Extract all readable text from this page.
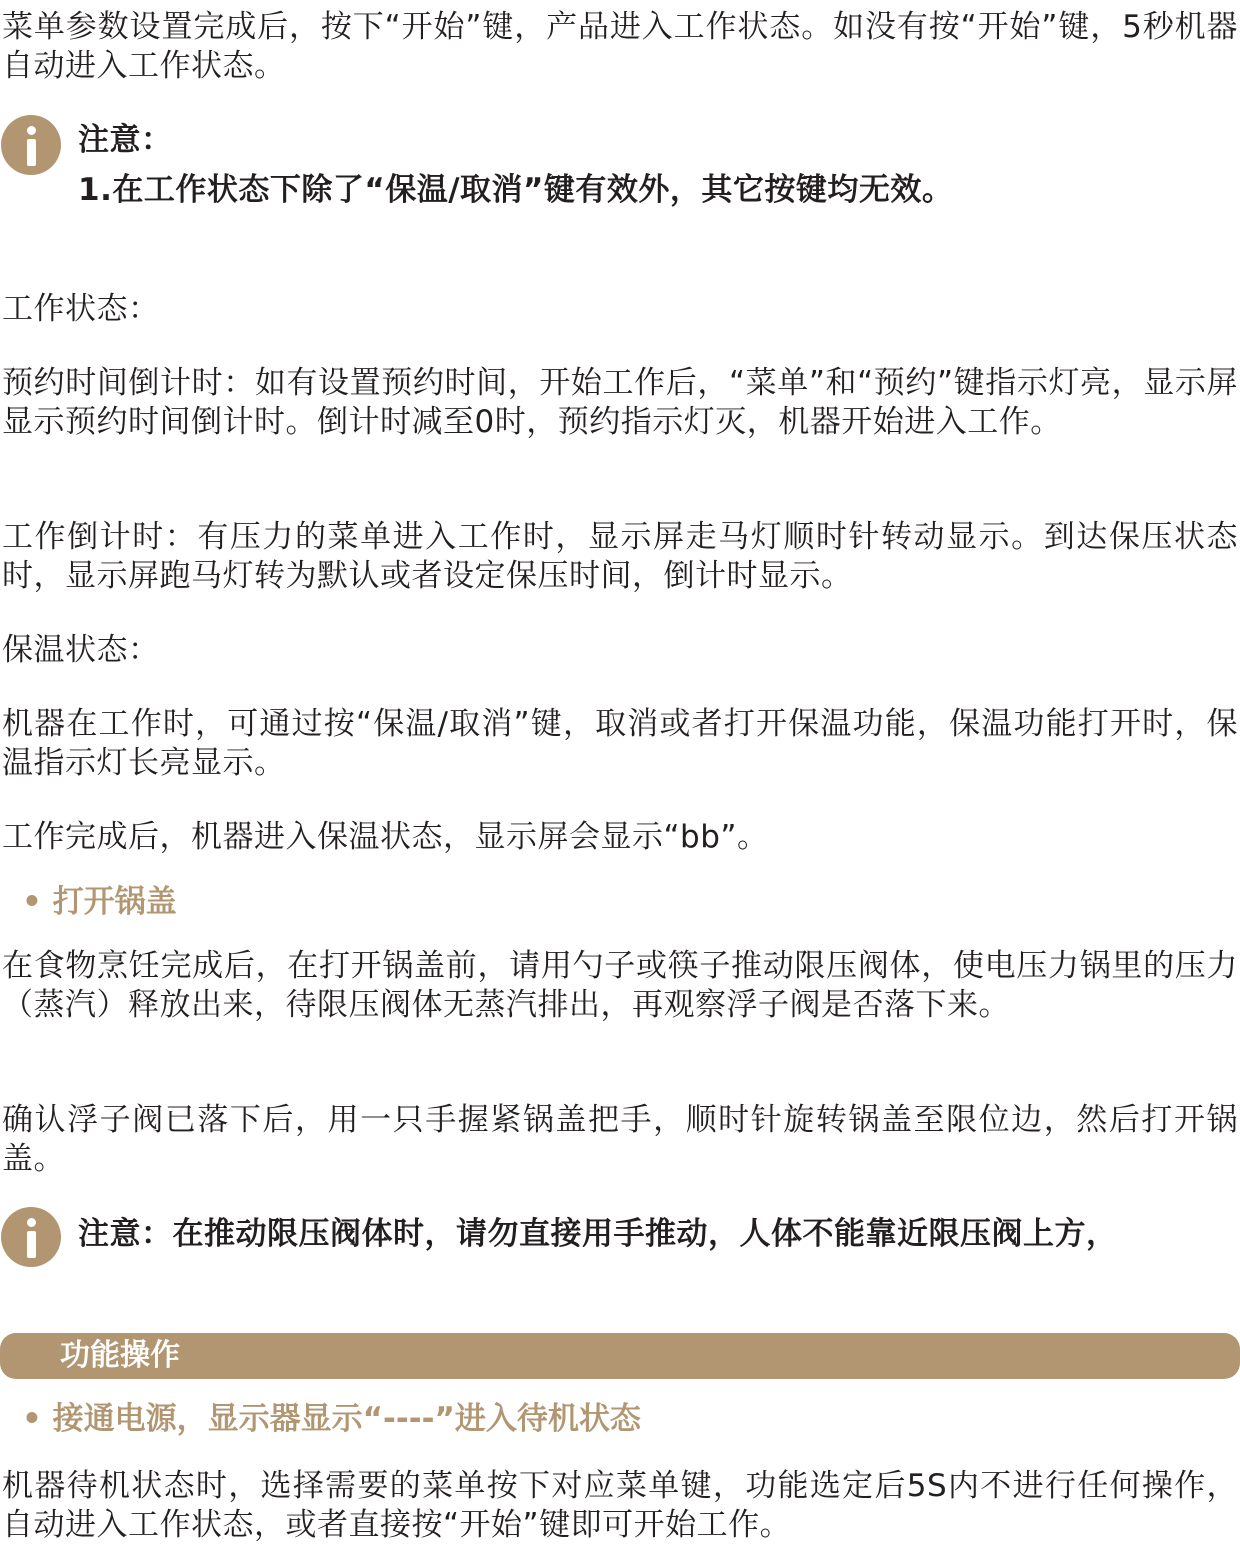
菜单参数设置完成后，按下“开始”键，产品进入工作状态。如没有按“开始”键，5秒机器自动进入工作状态。

注意：

1.在工作状态下除了“保温/取消”键有效外，其它按键均无效。

工作状态：

预约时间倒计时：如有设置预约时间，开始工作后，“菜单”和“预约”键指示灯亮，显示屏显示预约时间倒计时。倒计时减至0时，预约指示灯灭，机器开始进入工作。

工作倒计时：有压力的菜单进入工作时，显示屏走马灯顺时针转动显示。到达保压状态时，显示屏跑马灯转为默认或者设定保压时间，倒计时显示。

保温状态：

机器在工作时，可通过按“保温/取消”键，取消或者打开保温功能，保温功能打开时，保温指示灯长亮显示。

工作完成后，机器进入保温状态，显示屏会显示“bb”。

• 打开锅盖

在食物烹饪完成后，在打开锅盖前，请用勺子或筷子推动限压阀体，使电压力锅里的压力（蒸汽）释放出来，待限压阀体无蒸汽排出，再观察浮子阀是否落下来。

确认浮子阀已落下后，用一只手握紧锅盖把手，顺时针旋转锅盖至限位边，然后打开锅盖。

注意：在推动限压阀体时，请勿直接用手推动，人体不能靠近限压阀上方，

功能操作

• 接通电源，显示器显示“----”进入待机状态

机器待机状态时，选择需要的菜单按下对应菜单键，功能选定后5S内不进行任何操作，自动进入工作状态，或者直接按“开始”键即可开始工作。
